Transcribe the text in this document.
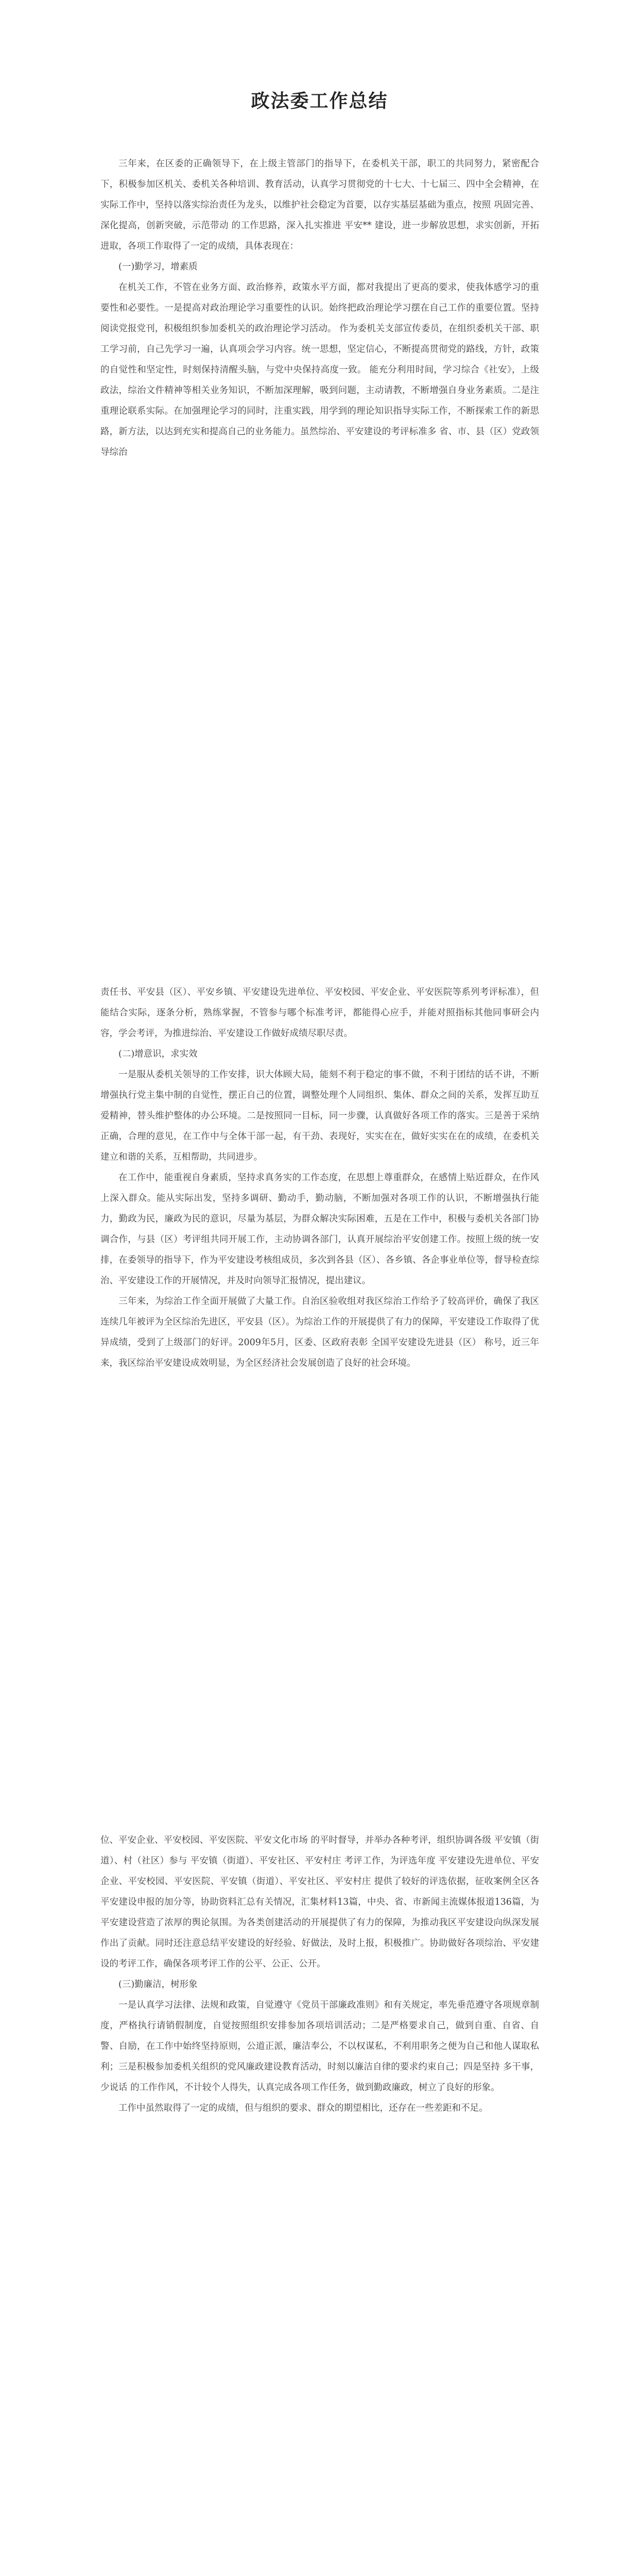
政法委工作总结

三年来，在区委的正确领导下，在上级主管部门的指导下，在委机关干部，职工的共同努力，紧密配合下，积极参加区机关、委机关各种培训、教育活动，认真学习贯彻党的十七大、十七届三、四中全会精神，在实际工作中，坚持以落实综治责任为龙头，以维护社会稳定为首要，以存实基层基础为重点，按照 巩固完善、深化提高，创新突破，示范带动 的工作思路，深入扎实推进 平安** 建设，进一步解放思想，求实创新，开拓进取，各项工作取得了一定的成绩，具体表现在：

(一)勤学习，增素质

在机关工作，不管在业务方面、政治修养，政策水平方面，都对我提出了更高的要求，使我体感学习的重要性和必要性。一是提高对政治理论学习重要性的认识。始终把政治理论学习摆在自己工作的重要位置。坚持阅读党报党刊，积极组织参加委机关的政治理论学习活动。 作为委机关支部宣传委员，在组织委机关干部、职工学习前，自己先学习一遍，认真项会学习内容。统一思想，坚定信心，不断提高贯彻党的路线，方针，政策的自觉性和坚定性，时刻保持清醒头脑，与党中央保持高度一致。 能充分利用时间，学习综合《社安》，上级政法，综治文件精神等相关业务知识，不断加深理解，吸到问题，主动请教，不断增强自身业务素质。二是注重理论联系实际。在加强理论学习的同时，注重实践，用学到的理论知识指导实际工作，不断探索工作的新思路，新方法，以达到充实和提高自己的业务能力。虽然综治、平安建设的考评标准多 省、市、县（区）党政领导综治

责任书、平安县（区）、平安乡镇、平安建设先进单位、平安校园、平安企业、平安医院等系列考评标准），但能结合实际，逐条分析，熟练掌握，不管参与哪个标准考评，都能得心应手，并能对照指标其他同事研会内容，学会考评，为推进综治、平安建设工作做好成绩尽职尽责。

(二)增意识，求实效

一是服从委机关领导的工作安排，识大体顾大局，能刻不利于稳定的事不做，不利于团结的话不讲，不断增强执行党主集中制的自觉性，摆正自己的位置，调整处理个人同组织、集体、群众之间的关系，发挥互助互爱精神，替头维护整体的办公环境。二是按照同一目标，同一步骤，认真做好各项工作的落实。三是善于采纳正确，合理的意见，在工作中与全体干部一起，有干劲、表现好，实实在在，做好实实在在的成绩，在委机关建立和谐的关系，互相帮助，共同进步。

在工作中，能重视自身素质，坚持求真务实的工作态度，在思想上尊重群众，在感情上贴近群众，在作风上深入群众。能从实际出发，坚持多调研、勤动手，勤动脑，不断加强对各项工作的认识，不断增强执行能力，勤政为民，廉政为民的意识，尽量为基层，为群众解决实际困难，五是在工作中，积极与委机关各部门协调合作，与县（区）考评组共同开展工作，主动协调各部门，认真开展综治平安创建工作。按照上级的统一安排，在委领导的指导下，作为平安建设考核组成员，多次到各县（区）、各乡镇、各企事业单位等，督导检查综治、平安建设工作的开展情况，并及时向领导汇报情况，提出建议。

三年来，为综治工作全面开展做了大量工作。自治区验收组对我区综治工作给予了较高评价，确保了我区连续几年被评为全区综治先进区，平安县（区）。为综治工作的开展提供了有力的保障，平安建设工作取得了优异成绩，受到了上级部门的好评。2009年5月，区委、区政府表彰 全国平安建设先进县（区） 称号，近三年来，我区综治平安建设成效明显，为全区经济社会发展创造了良好的社会环境。

位、平安企业、平安校园、平安医院、平安文化市场 的平时督导，并举办各种考评，组织协调各级 平安镇（街道）、村（社区）参与 平安镇（街道）、平安社区、平安村庄 考评工作，为评选年度 平安建设先进单位、平安企业、平安校园、平安医院、平安镇（街道）、平安社区、平安村庄 提供了较好的评选依据，征收案例全区各平安建设申报的加分等，协助资料汇总有关情况，汇集材料13篇，中央、省、市新闻主流媒体报道136篇，为平安建设营造了浓厚的舆论氛围。为各类创建活动的开展提供了有力的保障，为推动我区平安建设向纵深发展作出了贡献。同时还注意总结平安建设的好经验、好做法，及时上报，积极推广。协助做好各项综治、平安建设的考评工作，确保各项考评工作的公平、公正、公开。

(三)勤廉洁，树形象

一是认真学习法律、法规和政策，自觉遵守《党员干部廉政准则》和有关规定，率先垂范遵守各项规章制度，严格执行请销假制度，自觉按照组织安排参加各项培训活动；二是严格要求自己，做到自重、自省、自警、自励，在工作中始终坚持原则，公道正派，廉洁奉公，不以权谋私，不利用职务之便为自己和他人谋取私利；三是积极参加委机关组织的党风廉政建设教育活动，时刻以廉洁自律的要求约束自己；四是坚持 多干事，少说话 的工作作风，不计较个人得失，认真完成各项工作任务，做到勤政廉政，树立了良好的形象。

工作中虽然取得了一定的成绩，但与组织的要求、群众的期望相比，还存在一些差距和不足。
